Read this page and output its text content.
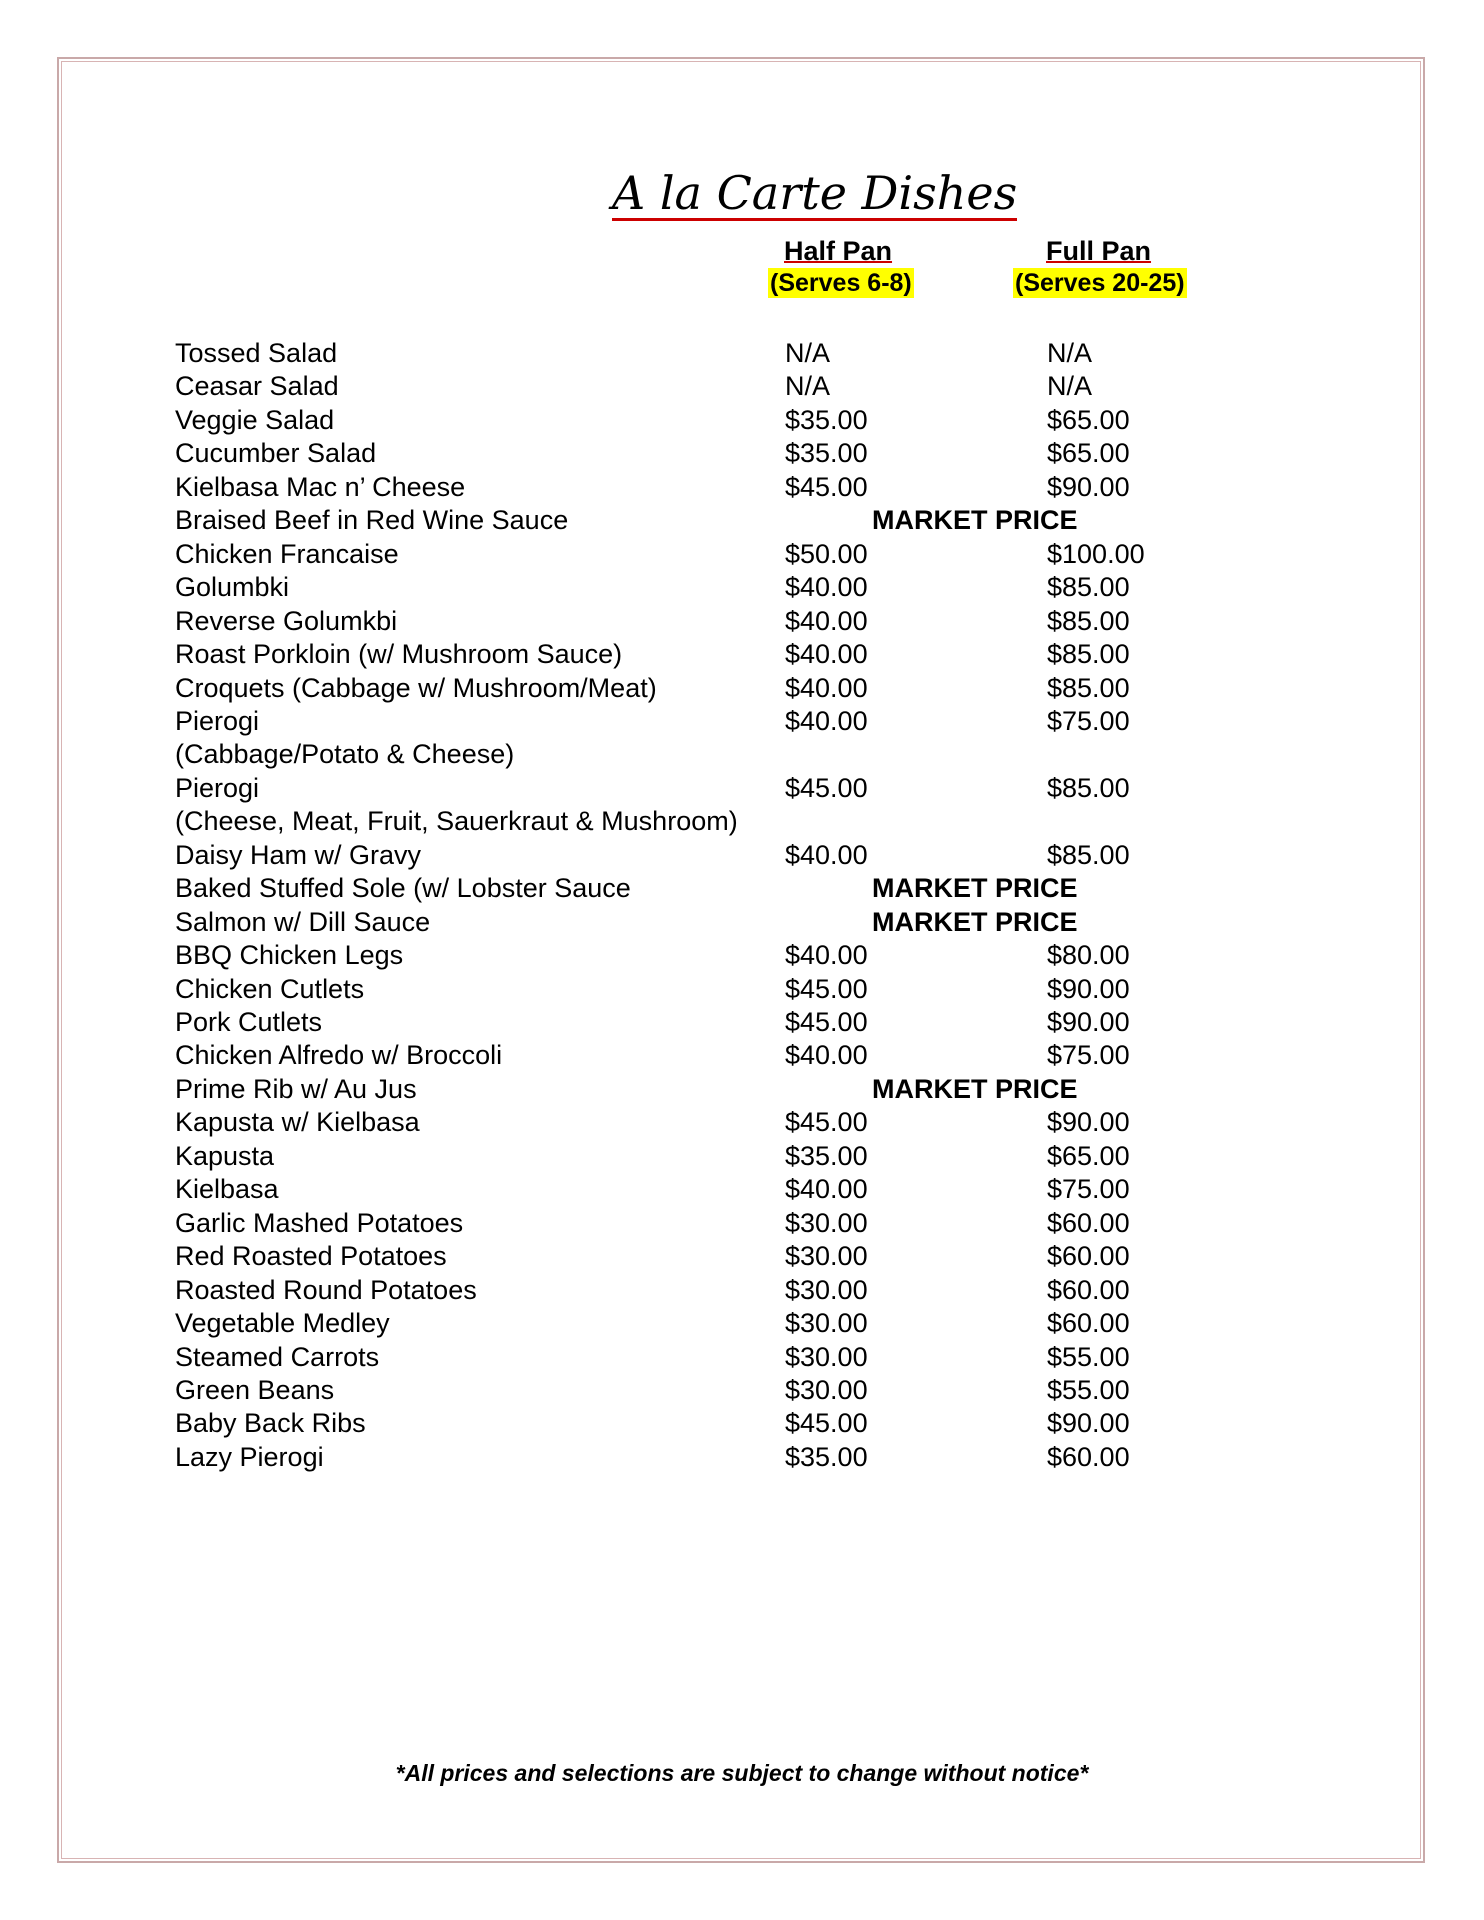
A la Carte Dishes
Half Pan
(Serves 6-8)
Full Pan
(Serves 20-25)
Tossed Salad	N/A	N/A
Ceasar Salad	N/A	N/A
Veggie Salad	$35.00	$65.00
Cucumber Salad	$35.00	$65.00
Kielbasa Mac n’ Cheese	$45.00	$90.00
Braised Beef in Red Wine Sauce	MARKET PRICE
Chicken Francaise	$50.00	$100.00
Golumbki	$40.00	$85.00
Reverse Golumkbi	$40.00	$85.00
Roast Porkloin (w/ Mushroom Sauce)	$40.00	$85.00
Croquets (Cabbage w/ Mushroom/Meat)	$40.00	$85.00
Pierogi	$40.00	$75.00
(Cabbage/Potato & Cheese)
Pierogi	$45.00	$85.00
(Cheese, Meat, Fruit, Sauerkraut & Mushroom)
Daisy Ham w/ Gravy	$40.00	$85.00
Baked Stuffed Sole (w/ Lobster Sauce	MARKET PRICE
Salmon w/ Dill Sauce	MARKET PRICE
BBQ Chicken Legs	$40.00	$80.00
Chicken Cutlets	$45.00	$90.00
Pork Cutlets	$45.00	$90.00
Chicken Alfredo w/ Broccoli	$40.00	$75.00
Prime Rib w/ Au Jus	MARKET PRICE
Kapusta w/ Kielbasa	$45.00	$90.00
Kapusta	$35.00	$65.00
Kielbasa	$40.00	$75.00
Garlic Mashed Potatoes	$30.00	$60.00
Red Roasted Potatoes	$30.00	$60.00
Roasted Round Potatoes	$30.00	$60.00
Vegetable Medley	$30.00	$60.00
Steamed Carrots	$30.00	$55.00
Green Beans	$30.00	$55.00
Baby Back Ribs	$45.00	$90.00
Lazy Pierogi	$35.00	$60.00
*All prices and selections are subject to change without notice*
